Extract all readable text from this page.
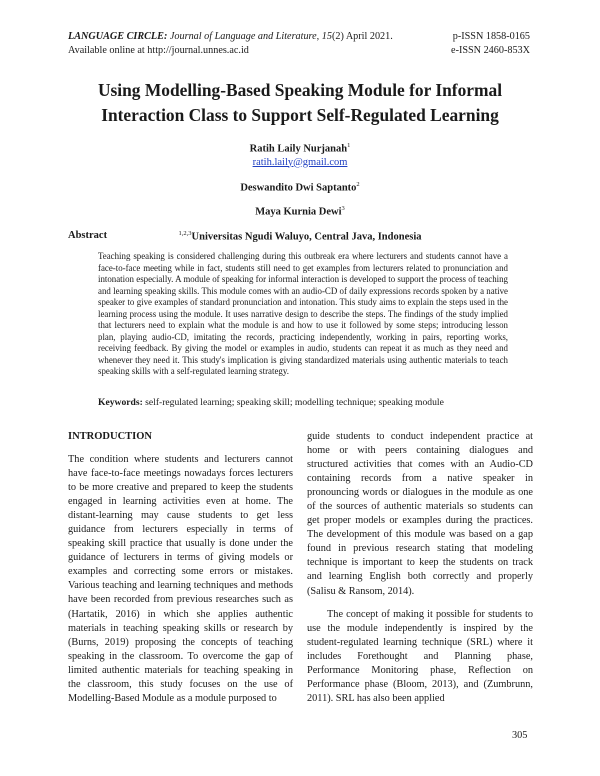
LANGUAGE CIRCLE: Journal of Language and Literature, 15(2) April 2021.	p-ISSN 1858-0165
Available online at http://journal.unnes.ac.id	e-ISSN 2460-853X
Using Modelling-Based Speaking Module for Informal
Interaction Class to Support Self-Regulated Learning
Ratih Laily Nurjanah$^1$
ratih.laily@gmail.com
Deswandito Dwi Saptanto$^2$
Maya Kurnia Dewi$^3$
$^{1,2,3}$Universitas Ngudi Waluyo, Central Java, Indonesia
Abstract

Teaching speaking is considered challenging during this outbreak era where lecturers and students cannot have a face-to-face meeting while in fact, students still need to get examples from lecturers related to pronunciation and intonation especially. A module of speaking for informal interaction is developed to support the process of teaching and learning speaking skills. This module comes with an audio-CD of daily expressions records spoken by a native speaker to give examples of standard pronunciation and intonation. This study aims to explain the steps used in the learning process using the module. It uses narrative design to describe the steps. The findings of the study implied that lecturers need to explain what the module is and how to use it followed by some steps; introducing lesson plan, playing audio-CD, imitating the records, practicing independently, working in pairs, reporting works, receiving feedback. By giving the model or examples in audio, students can repeat it as much as they need and whenever they need it. This study's implication is giving standardized materials using authentic materials to teach speaking skills with a self-regulated learning strategy.

Keywords: self-regulated learning; speaking skill; modelling technique; speaking module
INTRODUCTION

The condition where students and lecturers cannot have face-to-face meetings nowadays forces lecturers to be more creative and prepared to keep the students engaged in learning activities even at home. The distant-learning may cause students to get less guidance from lecturers especially in terms of speaking skill practice that usually is done under the guidance of lecturers in terms of giving models or examples and correcting some errors or mistakes. Various teaching and learning techniques and methods have been recorded from previous researches such as (Hartatik, 2016) in which she applies authentic materials in teaching speaking skills or research by (Burns, 2019) proposing the concepts of teaching speaking in the classroom. To overcome the gap of limited authentic materials for teaching speaking in the classroom, this study focuses on the use of Modelling-Based Module as a module purposed to

guide students to conduct independent practice at home or with peers containing dialogues and structured activities that comes with an Audio-CD containing records from a native speaker in pronouncing words or dialogues in the module as one of the sources of authentic materials so students can get proper models or examples during the practices. The development of this module was based on a gap found in previous research stating that modeling technique is important to keep the students on track and learning English both correctly and properly (Salisu & Ransom, 2014).

The concept of making it possible for students to use the module independently is inspired by the student-regulated learning technique (SRL) where it includes Forethought and Planning phase, Performance Monitoring phase, Reflection on Performance phase (Bloom, 2013), and (Zumbrunn, 2011). SRL has also been applied

305
